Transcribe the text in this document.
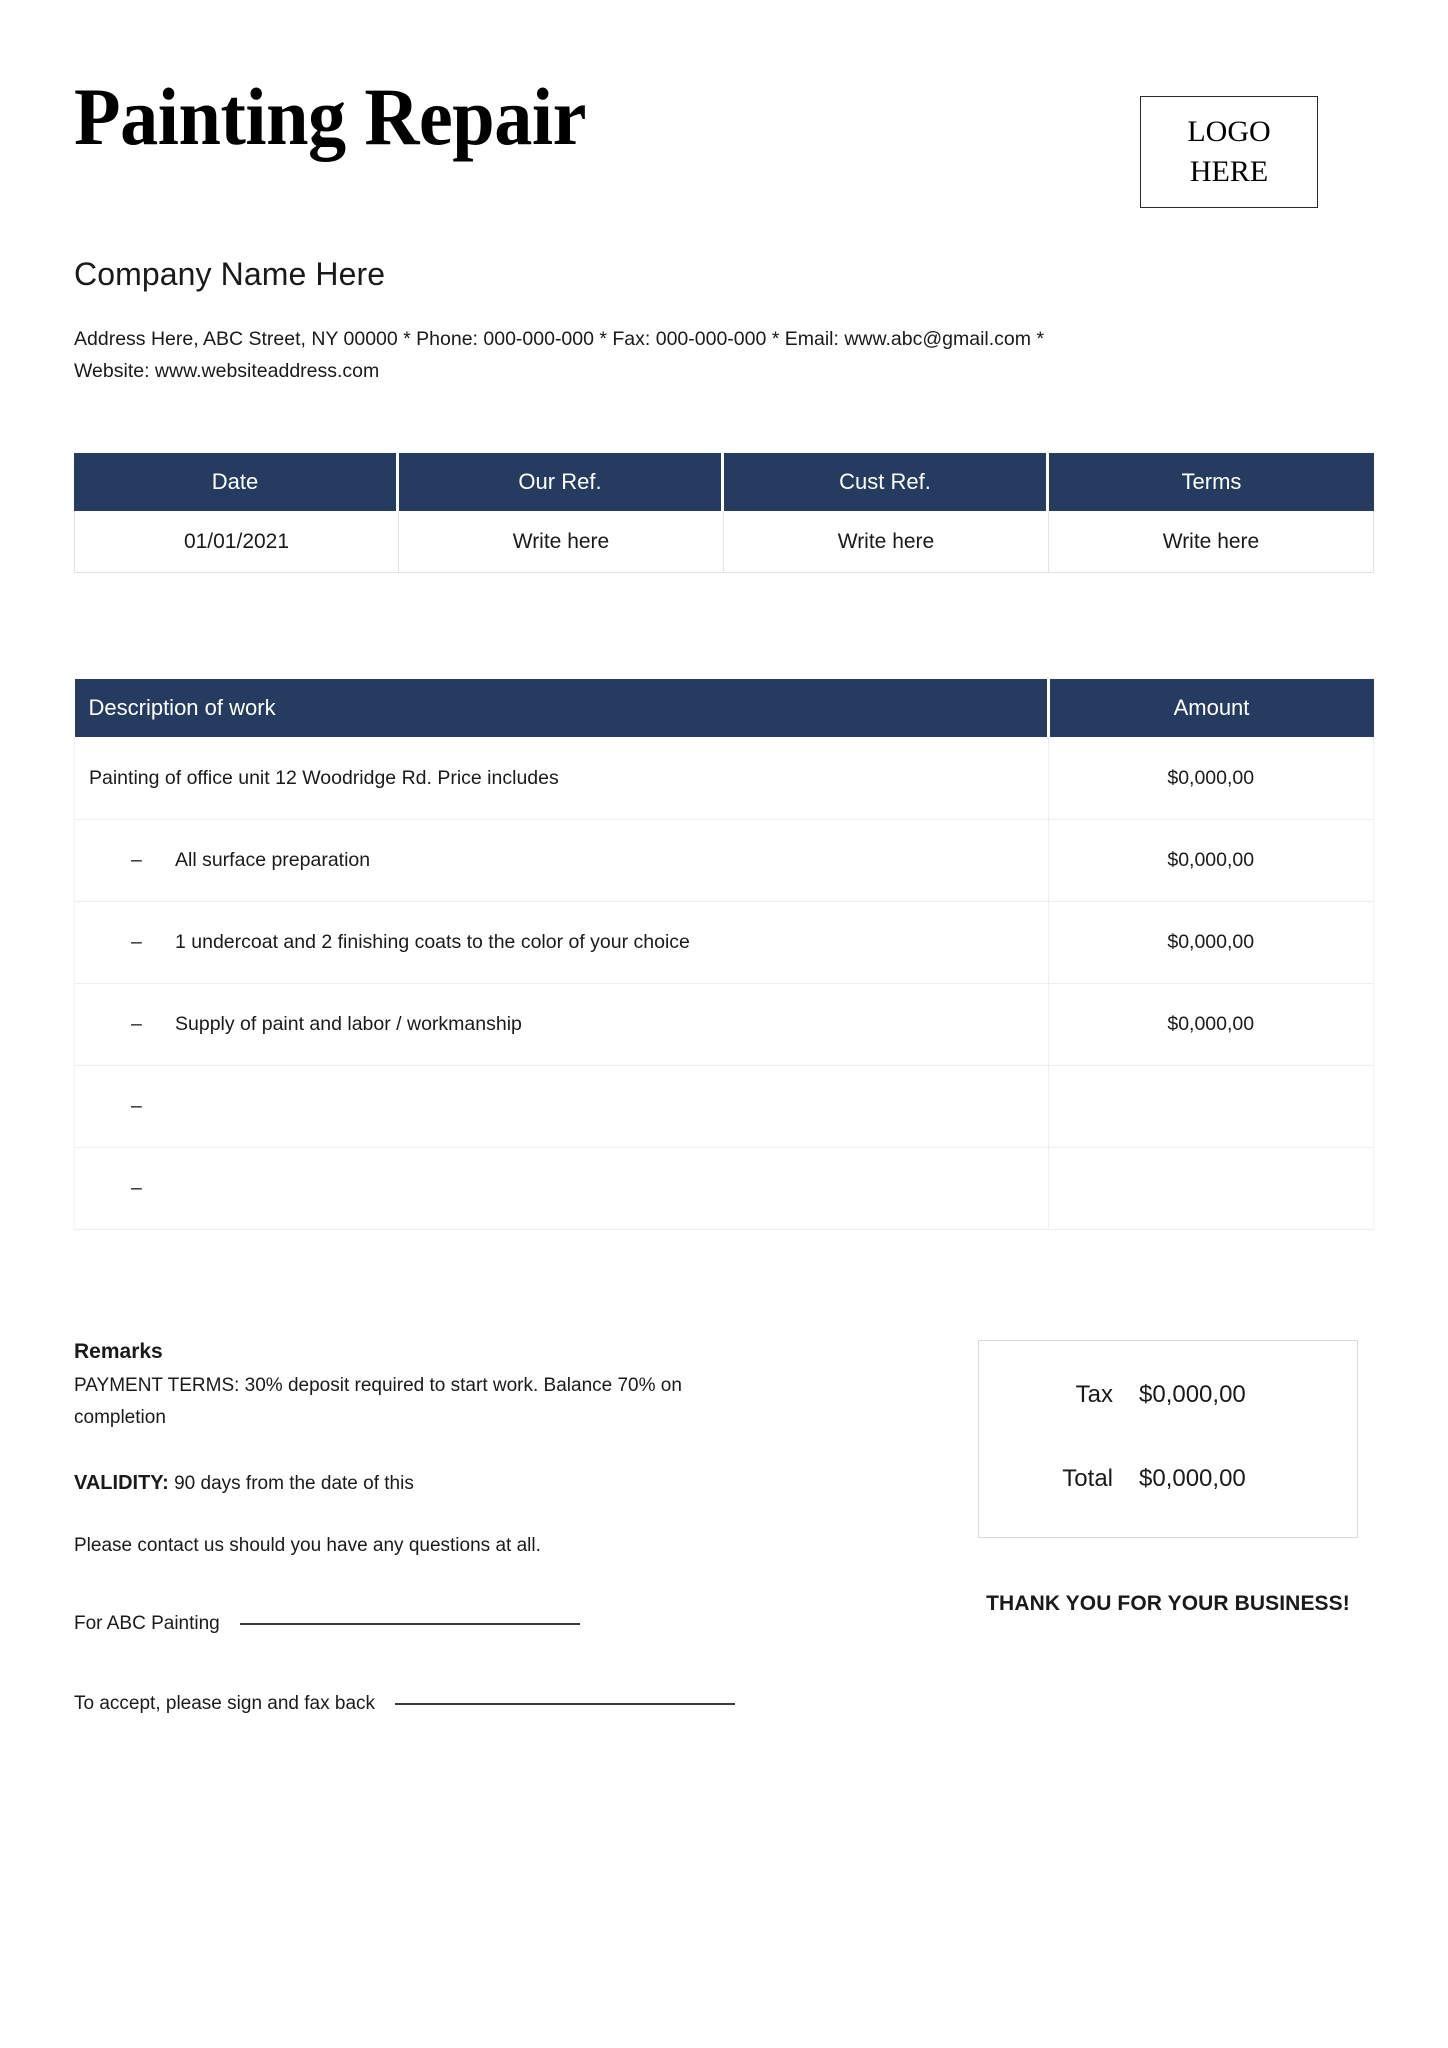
Painting Repair	LOGO
HERE
Company Name Here
Address Here, ABC Street, NY 00000 * Phone: 000-000-000 * Fax: 000-000-000 * Email: www.abc@gmail.com *
Website: www.websiteaddress.com
Date	Our Ref.	Cust Ref.	Terms
01/01/2021	Write here	Write here	Write here
Description of work	Amount
Painting of office unit 12 Woodridge Rd. Price includes	$0,000,00

– All surface preparation	$0,000,00

– 1 undercoat and 2 finishing coats to the color of your choice	$0,000,00

– Supply of paint and labor / workmanship	$0,000,00

–	

–	

Remarks

PAYMENT TERMS: 30% deposit required to start work. Balance 70% on completion

VALIDITY: 90 days from the date of this
Please contact us should you have any questions at all.
For ABC Painting
To accept, please sign and fax back
Tax	$0,000,00
Total	$0,000,00
THANK YOU FOR YOUR BUSINESS!
